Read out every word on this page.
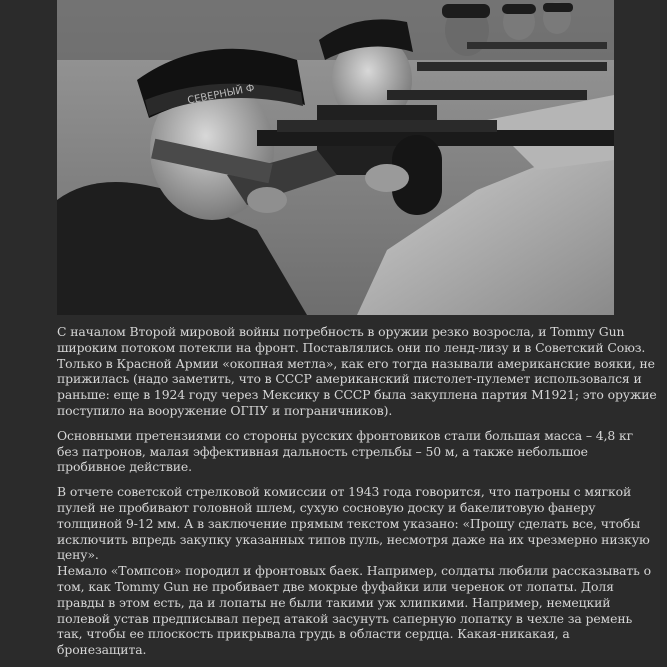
СЕВЕРНЫЙ Ф

С началом Второй мировой войны потребность в оружии резко возросла, и Tommy Gun широким потоком потекли на фронт. Поставлялись они по ленд-лизу и в Советский Союз. Только в Красной Армии «окопная метла», как его тогда называли американские вояки, не прижилась (надо заметить, что в СССР американский пистолет-пулемет использовался и раньше: еще в 1924 году через Мексику в СССР была закуплена партия М1921; это оружие поступило на вооружение ОГПУ и пограничников).

Основными претензиями со стороны русских фронтовиков стали большая масса – 4,8 кг без патронов, малая эффективная дальность стрельбы – 50 м, а также небольшое пробивное действие.

В отчете советской стрелковой комиссии от 1943 года говорится, что патроны с мягкой пулей не пробивают головной шлем, сухую сосновую доску и бакелитовую фанеру толщиной 9-12 мм. А в заключение прямым текстом указано: «Прошу сделать все, чтобы исключить впредь закупку указанных типов пуль, несмотря даже на их чрезмерно низкую цену».

Немало «Томпсон» породил и фронтовых баек. Например, солдаты любили рассказывать о том, как Tommy Gun не пробивает две мокрые фуфайки или черенок от лопаты. Доля правды в этом есть, да и лопаты не были такими уж хлипкими. Например, немецкий полевой устав предписывал перед атакой засунуть саперную лопатку в чехле за ремень так, чтобы ее плоскость прикрывала грудь в области сердца. Какая-никакая, а бронезащита.
